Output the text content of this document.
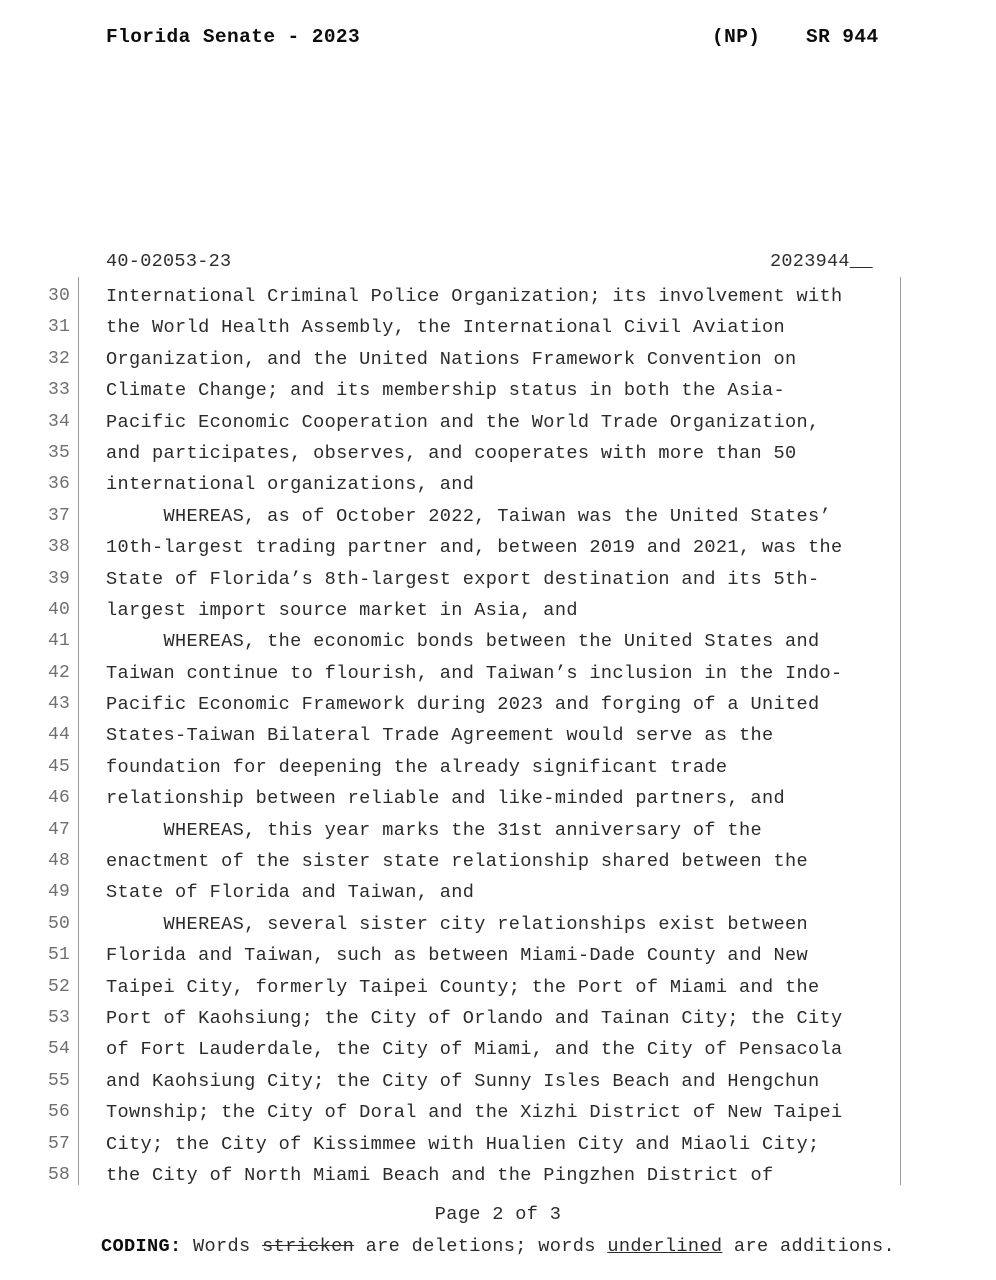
Florida Senate - 2023	(NP) SR 944
40-02053-23	2023944__
30 International Criminal Police Organization; its involvement with
31 the World Health Assembly, the International Civil Aviation
32 Organization, and the United Nations Framework Convention on
33 Climate Change; and its membership status in both the Asia-
34 Pacific Economic Cooperation and the World Trade Organization,
35 and participates, observes, and cooperates with more than 50
36 international organizations, and
37 WHEREAS, as of October 2022, Taiwan was the United States’
38 10th-largest trading partner and, between 2019 and 2021, was the
39 State of Florida’s 8th-largest export destination and its 5th-
40 largest import source market in Asia, and
41 WHEREAS, the economic bonds between the United States and
42 Taiwan continue to flourish, and Taiwan’s inclusion in the Indo-
43 Pacific Economic Framework during 2023 and forging of a United
44 States-Taiwan Bilateral Trade Agreement would serve as the
45 foundation for deepening the already significant trade
46 relationship between reliable and like-minded partners, and
47 WHEREAS, this year marks the 31st anniversary of the
48 enactment of the sister state relationship shared between the
49 State of Florida and Taiwan, and
50 WHEREAS, several sister city relationships exist between
51 Florida and Taiwan, such as between Miami-Dade County and New
52 Taipei City, formerly Taipei County; the Port of Miami and the
53 Port of Kaohsiung; the City of Orlando and Tainan City; the City
54 of Fort Lauderdale, the City of Miami, and the City of Pensacola
55 and Kaohsiung City; the City of Sunny Isles Beach and Hengchun
56 Township; the City of Doral and the Xizhi District of New Taipei
57 City; the City of Kissimmee with Hualien City and Miaoli City;
58 the City of North Miami Beach and the Pingzhen District of
Page 2 of 3
CODING: Words stricken are deletions; words underlined are additions.
